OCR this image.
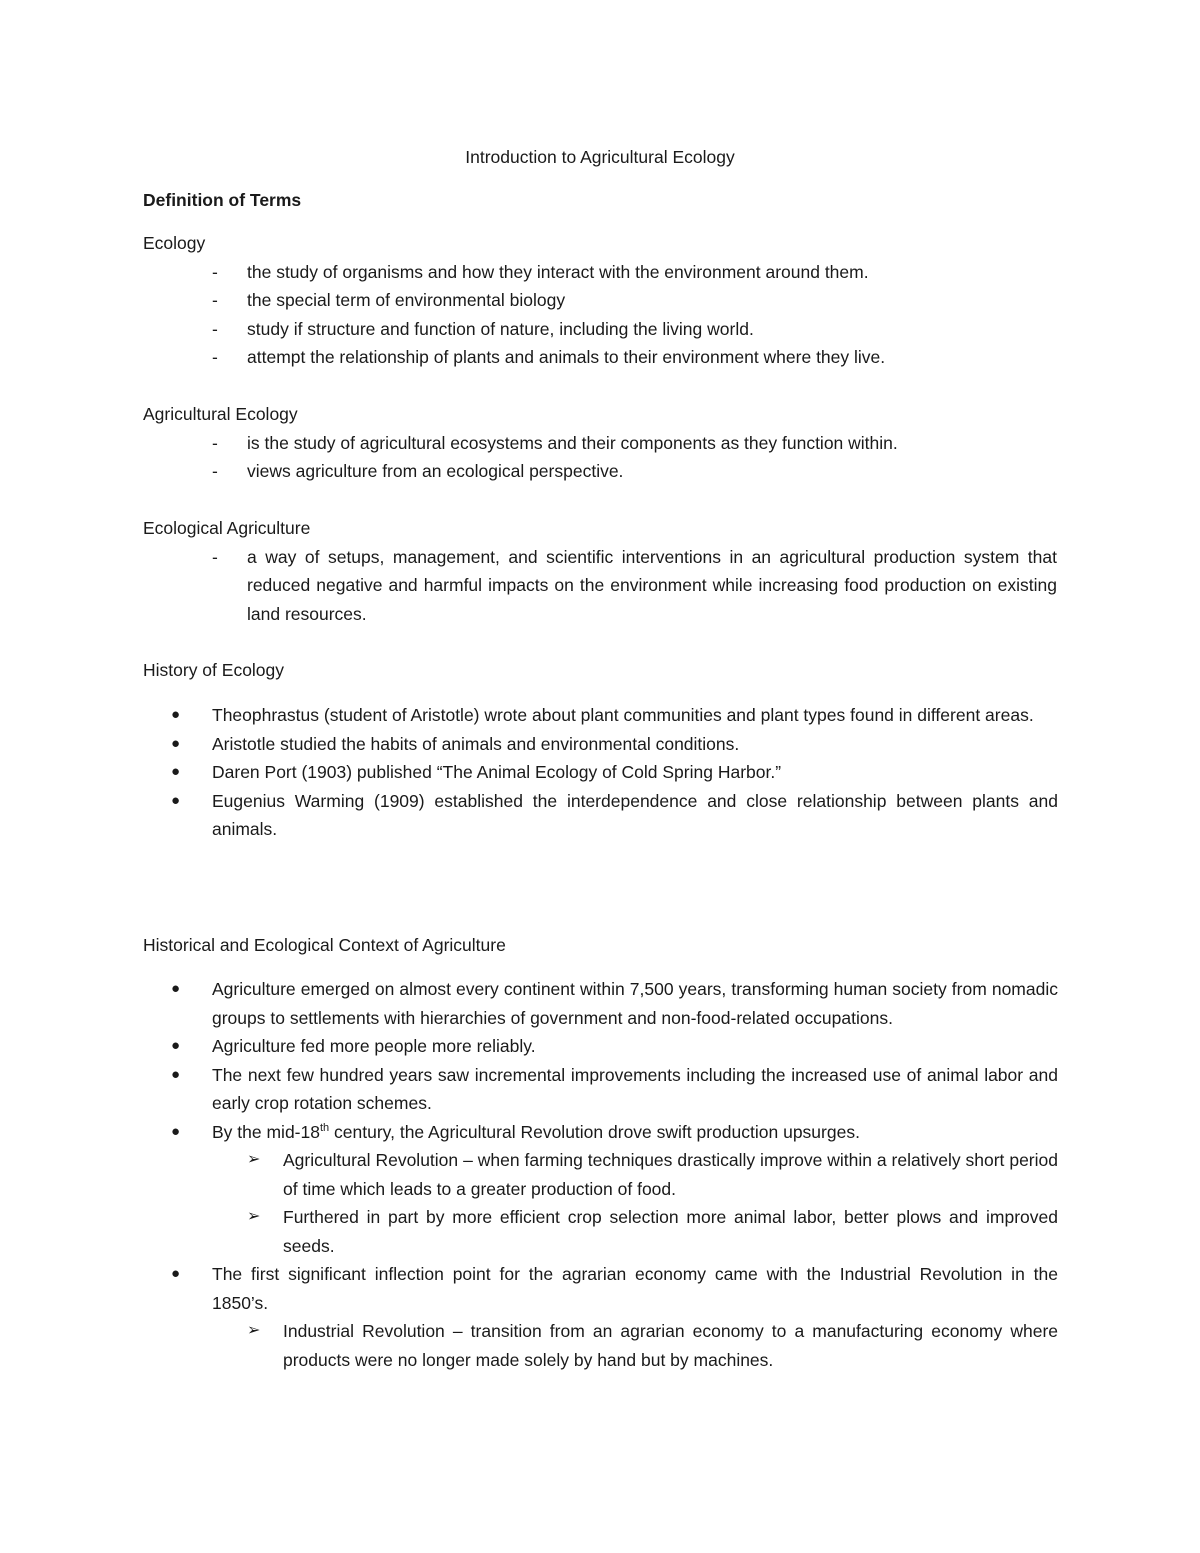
Introduction to Agricultural Ecology
Definition of Terms
Ecology
- the study of organisms and how they interact with the environment around them.
- the special term of environmental biology
- study if structure and function of nature, including the living world.
- attempt the relationship of plants and animals to their environment where they live.
Agricultural Ecology
- is the study of agricultural ecosystems and their components as they function within.
- views agriculture from an ecological perspective.
Ecological Agriculture
- a way of setups, management, and scientific interventions in an agricultural production system that reduced negative and harmful impacts on the environment while increasing food production on existing land resources.
History of Ecology
● Theophrastus (student of Aristotle) wrote about plant communities and plant types found in different areas.
● Aristotle studied the habits of animals and environmental conditions.
● Daren Port (1903) published “The Animal Ecology of Cold Spring Harbor.”
● Eugenius Warming (1909) established the interdependence and close relationship between plants and animals.
Historical and Ecological Context of Agriculture
● Agriculture emerged on almost every continent within 7,500 years, transforming human society from nomadic groups to settlements with hierarchies of government and non-food-related occupations.
● Agriculture fed more people more reliably.
● The next few hundred years saw incremental improvements including the increased use of animal labor and early crop rotation schemes.
● By the mid-18th century, the Agricultural Revolution drove swift production upsurges.
➢ Agricultural Revolution – when farming techniques drastically improve within a relatively short period of time which leads to a greater production of food.
➢ Furthered in part by more efficient crop selection more animal labor, better plows and improved seeds.
● The first significant inflection point for the agrarian economy came with the Industrial Revolution in the 1850’s.
➢ Industrial Revolution – transition from an agrarian economy to a manufacturing economy where products were no longer made solely by hand but by machines.
